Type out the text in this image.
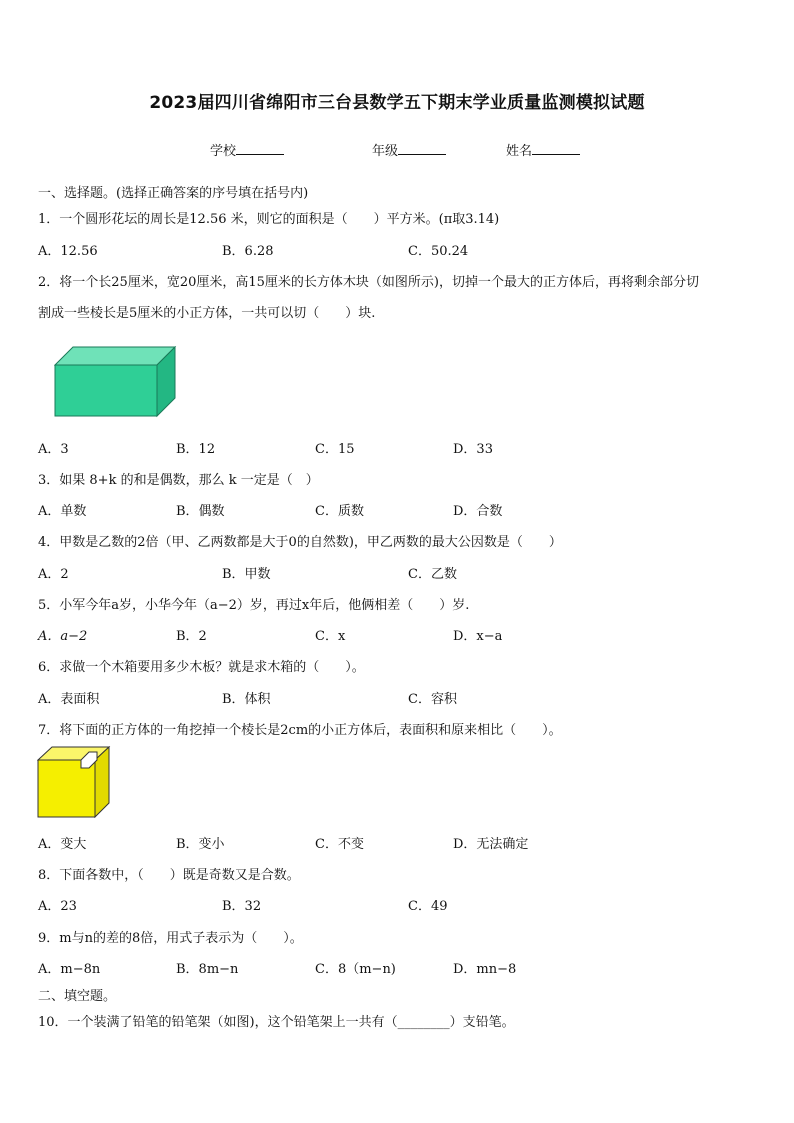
2023届四川省绵阳市三台县数学五下期末学业质量监测模拟试题
学校	年级	姓名
一、选择题。(选择正确答案的序号填在括号内)
1．一个圆形花坛的周长是12.56 米，则它的面积是（　　）平方米。(π取3.14)
A．12.56	B．6.28	C．50.24
2．将一个长25厘米，宽20厘米，高15厘米的长方体木块（如图所示)，切掉一个最大的正方体后，再将剩余部分切
割成一些棱长是5厘米的小正方体，一共可以切（　　）块.
A．3	B．12	C．15	D．33
3．如果 8+k 的和是偶数，那么 k 一定是（　）
A．单数	B．偶数	C．质数	D．合数
4．甲数是乙数的2倍（甲、乙两数都是大于0的自然数)，甲乙两数的最大公因数是（　　）
A．2	B．甲数	C．乙数
5．小军今年a岁，小华今年（a−2）岁，再过x年后，他俩相差（　　）岁.
A．a−2	B．2	C．x	D．x−a
6．求做一个木箱要用多少木板？就是求木箱的（　　）。
A．表面积	B．体积	C．容积
7．将下面的正方体的一角挖掉一个棱长是2cm的小正方体后，表面积和原来相比（　　）。
A．变大	B．变小	C．不变	D．无法确定
8．下面各数中，（　　）既是奇数又是合数。
A．23	B．32	C．49
9．m与n的差的8倍，用式子表示为（　　）。
A．m−8n	B．8m−n	C．8（m−n)	D．mn−8
二、填空题。
10．一个装满了铅笔的铅笔架（如图)，这个铅笔架上一共有（________）支铅笔。
